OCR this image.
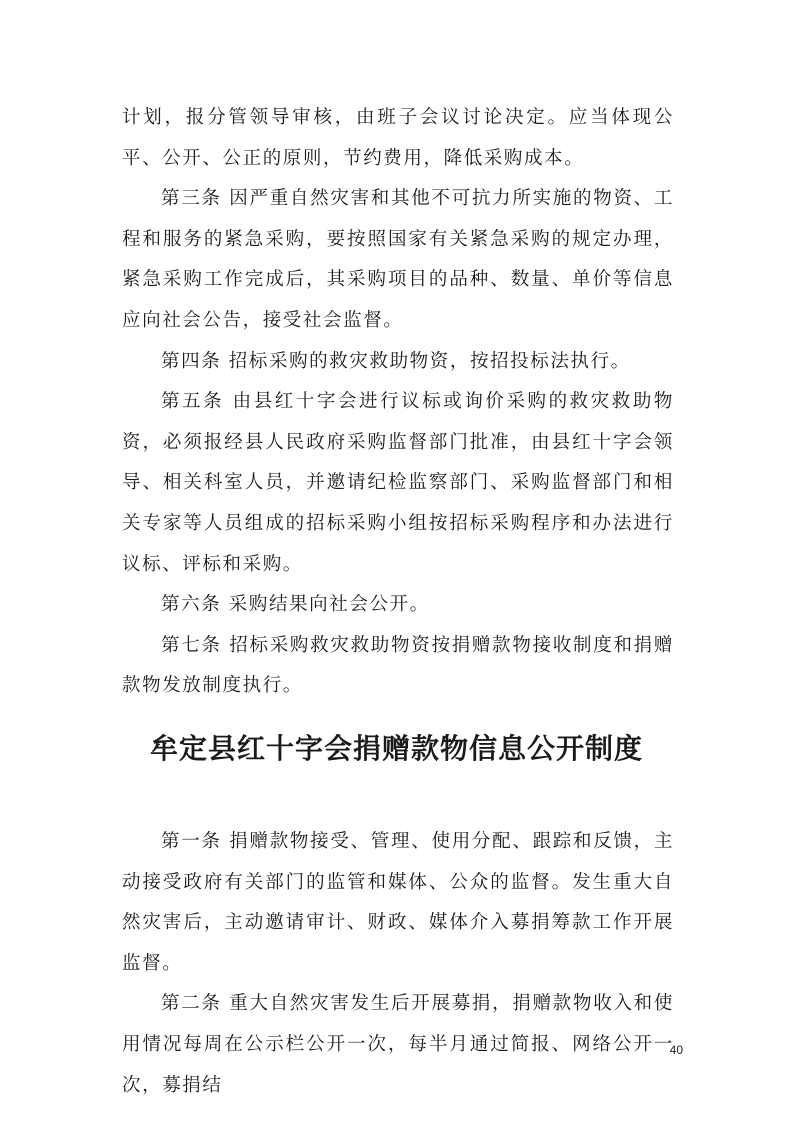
计划，报分管领导审核，由班子会议讨论决定。应当体现公平、公开、公正的原则，节约费用，降低采购成本。

第三条 因严重自然灾害和其他不可抗力所实施的物资、工程和服务的紧急采购，要按照国家有关紧急采购的规定办理，紧急采购工作完成后，其采购项目的品种、数量、单价等信息应向社会公告，接受社会监督。

第四条 招标采购的救灾救助物资，按招投标法执行。

第五条 由县红十字会进行议标或询价采购的救灾救助物资，必须报经县人民政府采购监督部门批准，由县红十字会领导、相关科室人员，并邀请纪检监察部门、采购监督部门和相关专家等人员组成的招标采购小组按招标采购程序和办法进行议标、评标和采购。

第六条 采购结果向社会公开。

第七条 招标采购救灾救助物资按捐赠款物接收制度和捐赠款物发放制度执行。

牟定县红十字会捐赠款物信息公开制度

第一条 捐赠款物接受、管理、使用分配、跟踪和反馈，主动接受政府有关部门的监管和媒体、公众的监督。发生重大自然灾害后，主动邀请审计、财政、媒体介入募捐筹款工作开展监督。

第二条 重大自然灾害发生后开展募捐，捐赠款物收入和使用情况每周在公示栏公开一次，每半月通过简报、网络公开一次，募捐结

40
